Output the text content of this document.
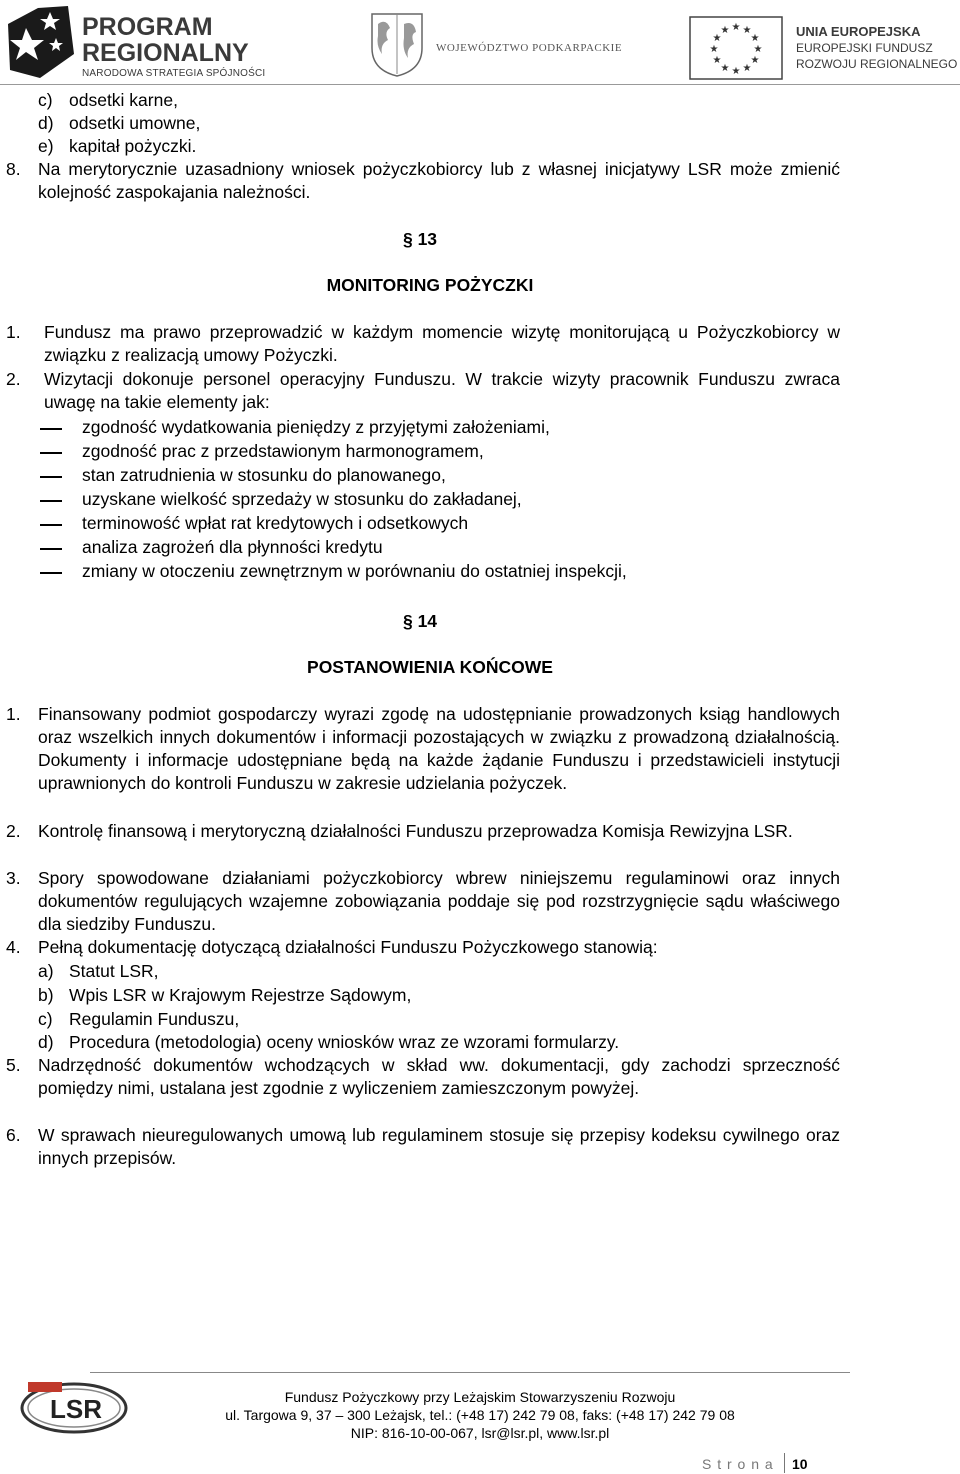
PROGRAM
REGIONALNY
NARODOWA STRATEGIA SPÓJNOŚCI
WOJEWÓDZTWO PODKARPACKIE
★ ★
★
★
★
★
★
★
★
★
★
★	UNIA EUROPEJSKA
EUROPEJSKI FUNDUSZ
ROZWOJU REGIONALNEGO
c) odsetki karne,
d) odsetki umowne,
e) kapitał pożyczki.
8. Na merytorycznie uzasadniony wniosek pożyczkobiorcy lub z własnej inicjatywy LSR może zmienić kolejność zaspokajania należności.
§ 13
MONITORING POŻYCZKI
1. Fundusz ma prawo przeprowadzić w każdym momencie wizytę monitorującą u Pożyczkobiorcy w związku z realizacją umowy Pożyczki.
2. Wizytacji dokonuje personel operacyjny Funduszu. W trakcie wizyty pracownik Funduszu zwraca uwagę na takie elementy jak:
zgodność wydatkowania pieniędzy z przyjętymi założeniami,
zgodność prac z przedstawionym harmonogramem,
stan zatrudnienia w stosunku do planowanego,
uzyskane wielkość sprzedaży w stosunku do zakładanej,
terminowość wpłat rat kredytowych i odsetkowych
analiza zagrożeń dla płynności kredytu
zmiany w otoczeniu zewnętrznym w porównaniu do ostatniej inspekcji,
§ 14
POSTANOWIENIA KOŃCOWE
1. Finansowany podmiot gospodarczy wyrazi zgodę na udostępnianie prowadzonych ksiąg handlowych oraz wszelkich innych dokumentów i informacji pozostających w związku z prowadzoną działalnością. Dokumenty i informacje udostępniane będą na każde żądanie Funduszu i przedstawicieli instytucji uprawnionych do kontroli Funduszu w zakresie udzielania pożyczek.
2. Kontrolę finansową i merytoryczną działalności Funduszu przeprowadza Komisja Rewizyjna LSR.
3. Spory spowodowane działaniami pożyczkobiorcy wbrew niniejszemu regulaminowi oraz innych dokumentów regulujących wzajemne zobowiązania poddaje się pod rozstrzygnięcie sądu właściwego dla siedziby Funduszu.
4. Pełną dokumentację dotyczącą działalności Funduszu Pożyczkowego stanowią:
a) Statut LSR,
b) Wpis LSR w Krajowym Rejestrze Sądowym,
c) Regulamin Funduszu,
d) Procedura (metodologia) oceny wniosków wraz ze wzorami formularzy.
5. Nadrzędność dokumentów wchodzących w skład ww. dokumentacji, gdy zachodzi sprzeczność pomiędzy nimi, ustalana jest zgodnie z wyliczeniem zamieszczonym powyżej.
6. W sprawach nieuregulowanych umową lub regulaminem stosuje się przepisy kodeksu cywilnego oraz innych przepisów.
LSR	Fundusz Pożyczkowy przy Leżajskim Stowarzyszeniu Rozwoju
ul. Targowa 9, 37 – 300 Leżajsk, tel.: (+48 17) 242 79 08, faks: (+48 17) 242 79 08
NIP: 816-10-00-067, lsr@lsr.pl, www.lsr.pl
S t r o n a 10
